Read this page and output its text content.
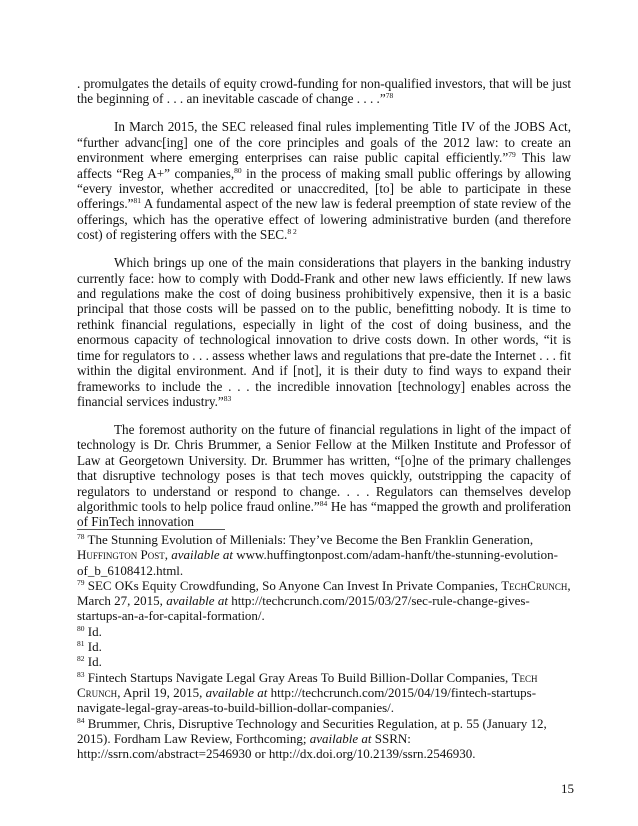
. promulgates the details of equity crowd-funding for non-qualified investors, that will be just the beginning of . . . an inevitable cascade of change . . . .”$^{78}$

In March 2015, the SEC released final rules implementing Title IV of the JOBS Act, “further advanc[ing] one of the core principles and goals of the 2012 law: to create an environment where emerging enterprises can raise public capital efficiently.”$^{79}$ This law affects “Reg A+” companies,$^{80}$ in the process of making small public offerings by allowing “every investor, whether accredited or unaccredited, [to] be able to participate in these offerings.”$^{81}$ A fundamental aspect of the new law is federal preemption of state review of the offerings, which has the operative effect of lowering administrative burden (and therefore cost) of registering offers with the SEC.$^{8 2}$

Which brings up one of the main considerations that players in the banking industry currently face: how to comply with Dodd-Frank and other new laws efficiently. If new laws and regulations make the cost of doing business prohibitively expensive, then it is a basic principal that those costs will be passed on to the public, benefitting nobody. It is time to rethink financial regulations, especially in light of the cost of doing business, and the enormous capacity of technological innovation to drive costs down. In other words, “it is time for regulators to . . . assess whether laws and regulations that pre-date the Internet . . . fit within the digital environment. And if [not], it is their duty to find ways to expand their frameworks to include the . . . the incredible innovation [technology] enables across the financial services industry.”$^{83}$

The foremost authority on the future of financial regulations in light of the impact of technology is Dr. Chris Brummer, a Senior Fellow at the Milken Institute and Professor of Law at Georgetown University. Dr. Brummer has written, “[o]ne of the primary challenges that disruptive technology poses is that tech moves quickly, outstripping the capacity of regulators to understand or respond to change. . . . Regulators can themselves develop algorithmic tools to help police fraud online.”$^{84}$ He has “mapped the growth and proliferation of FinTech innovation

$^{78}$ The Stunning Evolution of Millenials: They’ve Become the Ben Franklin Generation, Huffington Post, available at www.huffingtonpost.com/adam-hanft/the-stunning-evolution-of_b_6108412.html.

$^{79}$ SEC OKs Equity Crowdfunding, So Anyone Can Invest In Private Companies, TechCrunch, March 27, 2015, available at http://techcrunch.com/2015/03/27/sec-rule-change-gives-startups-an-a-for-capital-formation/.

$^{80}$ Id.

$^{81}$ Id.

$^{82}$ Id.

$^{83}$ Fintech Startups Navigate Legal Gray Areas To Build Billion-Dollar Companies, Tech Crunch, April 19, 2015, available at http://techcrunch.com/2015/04/19/fintech-startups-navigate-legal-gray-areas-to-build-billion-dollar-companies/.

$^{84}$ Brummer, Chris, Disruptive Technology and Securities Regulation, at p. 55 (January 12, 2015). Fordham Law Review, Forthcoming; available at SSRN: http://ssrn.com/abstract=2546930 or http://dx.doi.org/10.2139/ssrn.2546930.

15
